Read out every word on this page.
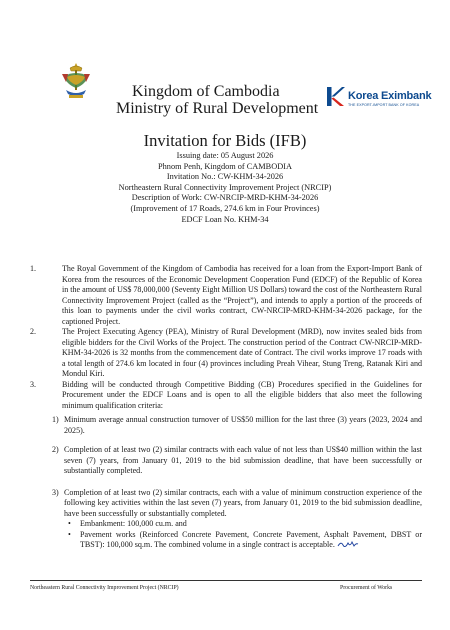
Kingdom of Cambodia
Ministry of Rural Development
Korea Eximbank
THE EXPORT-IMPORT BANK OF KOREA
Invitation for Bids (IFB)
Issuing date: 05 August 2026
Phnom Penh, Kingdom of CAMBODIA
Invitation No.: CW-KHM-34-2026
Northeastern Rural Connectivity Improvement Project (NRCIP)
Description of Work: CW-NRCIP-MRD-KHM-34-2026
(Improvement of 17 Roads, 274.6 km in Four Provinces)
EDCF Loan No. KHM-34
1.	The Royal Government of the Kingdom of Cambodia has received for a loan from the Export-Import Bank of Korea from the resources of the Economic Development Cooperation Fund (EDCF) of the Republic of Korea in the amount of US$ 78,000,000 (Seventy Eight Million US Dollars) toward the cost of the Northeastern Rural Connectivity Improvement Project (called as the “Project”), and intends to apply a portion of the proceeds of this loan to payments under the civil works contract, CW-NRCIP-MRD-KHM-34-2026 package, for the captioned Project.
2.	The Project Executing Agency (PEA), Ministry of Rural Development (MRD), now invites sealed bids from eligible bidders for the Civil Works of the Project. The construction period of the Contract CW-NRCIP-MRD-KHM-34-2026 is 32 months from the commencement date of Contract. The civil works improve 17 roads with a total length of 274.6 km located in four (4) provinces including Preah Vihear, Stung Treng, Ratanak Kiri and Mondul Kiri.
3.	Bidding will be conducted through Competitive Bidding (CB) Procedures specified in the Guidelines for Procurement under the EDCF Loans and is open to all the eligible bidders that also meet the following minimum qualification criteria:
1) Minimum average annual construction turnover of US$50 million for the last three (3) years (2023, 2024 and 2025).
2) Completion of at least two (2) similar contracts with each value of not less than US$40 million within the last seven (7) years, from January 01, 2019 to the bid submission deadline, that have been successfully or substantially completed.
3) Completion of at least two (2) similar contracts, each with a value of minimum construction experience of the following key activities within the last seven (7) years, from January 01, 2019 to the bid submission deadline, have been successfully or substantially completed.
• Embankment: 100,000 cu.m. and
• Pavement works (Reinforced Concrete Pavement, Concrete Pavement, Asphalt Pavement, DBST or TBST): 100,000 sq.m. The combined volume in a single contract is acceptable.
Northeastern Rural Connectivity Improvement Project (NRCIP)	Procurement of Works
